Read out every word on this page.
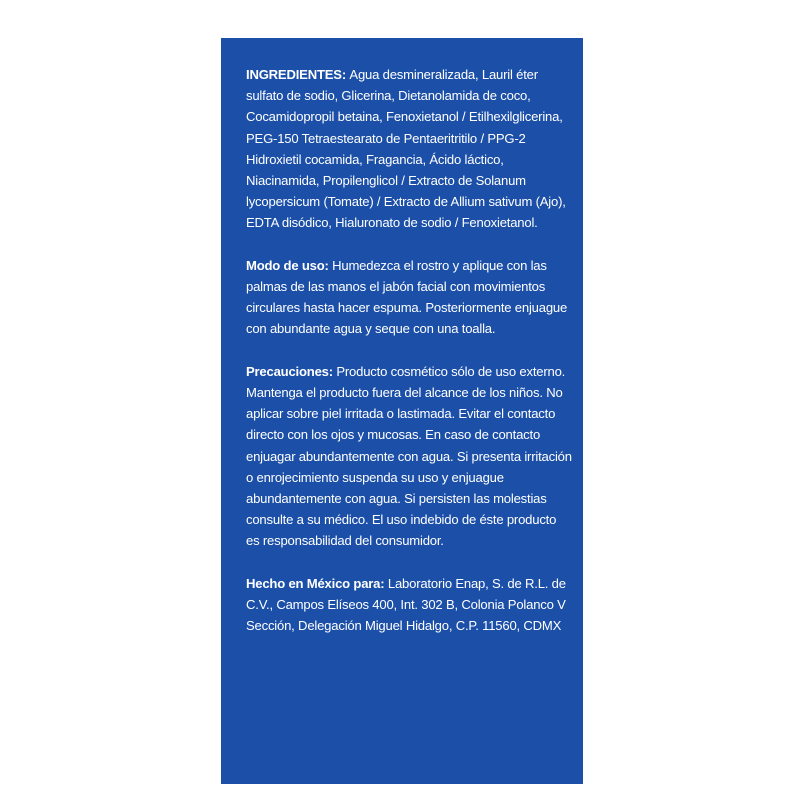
INGREDIENTES: Agua desmineralizada, Lauril éter sulfato de sodio, Glicerina, Dietanolamida de coco, Cocamidopropil betaina, Fenoxietanol / Etilhexilglicerina, PEG-150 Tetraestearato de Pentaeritritilo / PPG-2 Hidroxietil cocamida, Fragancia, Ácido láctico, Niacinamida, Propilenglicol / Extracto de Solanum lycopersicum (Tomate) / Extracto de Allium sativum (Ajo), EDTA disódico, Hialuronato de sodio / Fenoxietanol.

Modo de uso: Humedezca el rostro y aplique con las palmas de las manos el jabón facial con movimientos circulares hasta hacer espuma. Posteriormente enjuague con abundante agua y seque con una toalla.

Precauciones: Producto cosmético sólo de uso externo. Mantenga el producto fuera del alcance de los niños. No aplicar sobre piel irritada o lastimada. Evitar el contacto directo con los ojos y mucosas. En caso de contacto enjuagar abundantemente con agua. Si presenta irritación o enrojecimiento suspenda su uso y enjuague abundantemente con agua. Si persisten las molestias consulte a su médico. El uso indebido de éste producto es responsabilidad del consumidor.

Hecho en México para: Laboratorio Enap, S. de R.L. de C.V., Campos Elíseos 400, Int. 302 B, Colonia Polanco V Sección, Delegación Miguel Hidalgo, C.P. 11560, CDMX
